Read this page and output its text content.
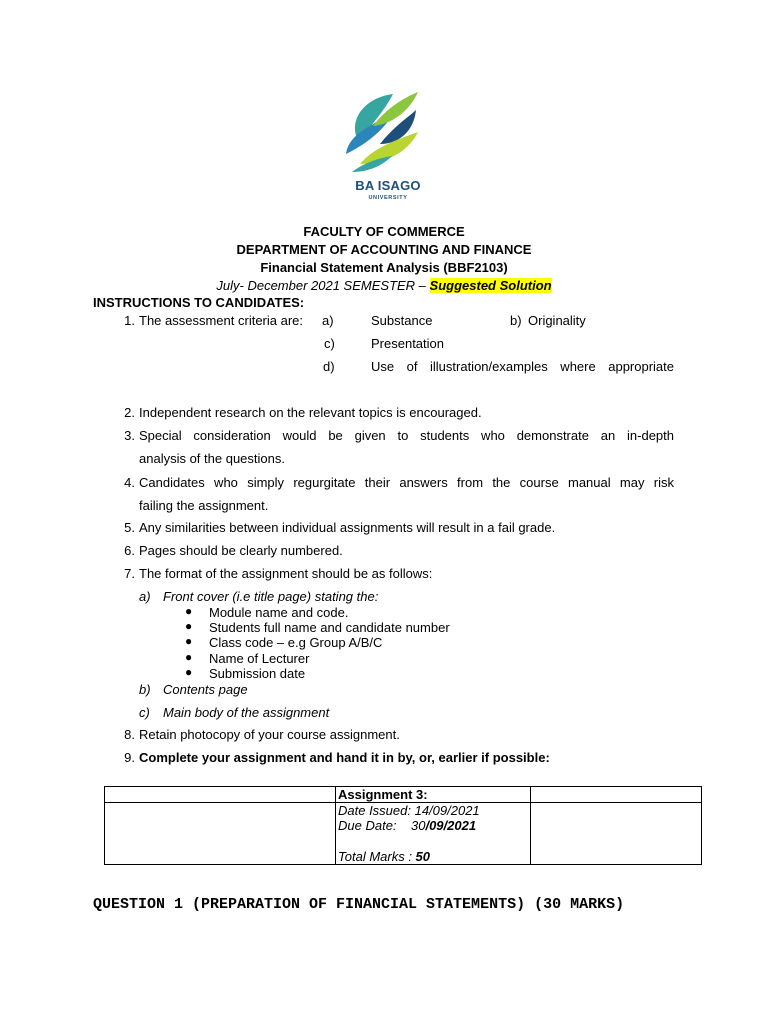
BA ISAGO
UNIVERSITY
FACULTY OF COMMERCE
DEPARTMENT OF ACCOUNTING AND FINANCE
Financial Statement Analysis (BBF2103)
July- December 2021 SEMESTER – Suggested Solution
INSTRUCTIONS TO CANDIDATES:
1. The assessment criteria are: a)	Substance	b) Originality
c)	Presentation
d)	Use of illustration/examples where appropriate
2. Independent research on the relevant topics is encouraged.
3. Special consideration would be given to students who demonstrate an in-depth
analysis of the questions.
4. Candidates who simply regurgitate their answers from the course manual may risk
failing the assignment.
5. Any similarities between individual assignments will result in a fail grade.
6. Pages should be clearly numbered.
7. The format of the assignment should be as follows:
a) Front cover (i.e title page) stating the:
● Module name and code.
● Students full name and candidate number
● Class code – e.g Group A/B/C
● Name of Lecturer
● Submission date
b) Contents page
c) Main body of the assignment
8. Retain photocopy of your course assignment.
9. Complete your assignment and hand it in by, or, earlier if possible:
	Assignment 3:	

	Date Issued: 14/09/2021
Due Date:    30/09/2021
Total Marks : 50	

QUESTION 1 (PREPARATION OF FINANCIAL STATEMENTS) (30 MARKS)
